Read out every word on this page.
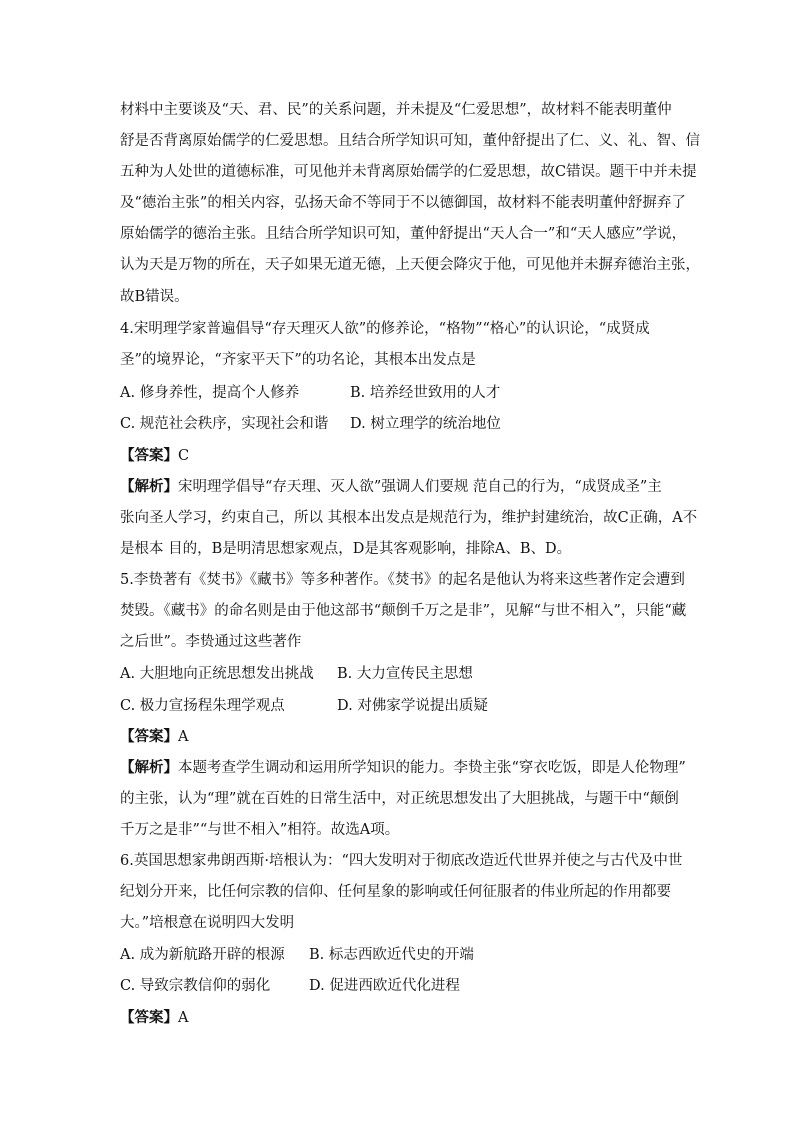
材料中主要谈及“天、君、民”的关系问题，并未提及“仁爱思想”，故材料不能表明董仲
舒是否背离原始儒学的仁爱思想。且结合所学知识可知，董仲舒提出了仁、义、礼、智、信
五种为人处世的道德标准，可见他并未背离原始儒学的仁爱思想，故C错误。题干中并未提
及“德治主张”的相关内容，弘扬天命不等同于不以德御国，故材料不能表明董仲舒摒弃了
原始儒学的德治主张。且结合所学知识可知，董仲舒提出“天人合一”和“天人感应”学说，
认为天是万物的所在，天子如果无道无德，上天便会降灾于他，可见他并未摒弃德治主张，
故B错误。
4.宋明理学家普遍倡导“存天理灭人欲”的修养论，“格物”“格心”的认识论，“成贤成
圣”的境界论，“齐家平天下”的功名论，其根本出发点是
A. 修身养性，提高个人修养	B. 培养经世致用的人才
C. 规范社会秩序，实现社会和谐 D. 树立理学的统治地位
【答案】C
【解析】宋明理学倡导“存天理、灭人欲”强调人们要规 范自己的行为，“成贤成圣”主
张向圣人学习，约束自己，所以 其根本出发点是规范行为，维护封建统治，故C正确，A不
是根本 目的，B是明清思想家观点，D是其客观影响，排除A、B、D。
5.李贽著有《焚书》《藏书》等多种著作。《焚书》的起名是他认为将来这些著作定会遭到
焚毁。《藏书》的命名则是由于他这部书“颠倒千万之是非”，见解“与世不相入”，只能“藏
之后世”。李贽通过这些著作
A. 大胆地向正统思想发出挑战 B. 大力宣传民主思想
C. 极力宣扬程朱理学观点	D. 对佛家学说提出质疑
【答案】A
【解析】本题考查学生调动和运用所学知识的能力。李贽主张“穿衣吃饭，即是人伦物理”
的主张，认为“理”就在百姓的日常生活中，对正统思想发出了大胆挑战，与题干中“颠倒
千万之是非”“与世不相入”相符。故选A项。
6.英国思想家弗朗西斯·培根认为：“四大发明对于彻底改造近代世界并使之与古代及中世
纪划分开来，比任何宗教的信仰、任何星象的影响或任何征服者的伟业所起的作用都要
大。”培根意在说明四大发明
A. 成为新航路开辟的根源 B. 标志西欧近代史的开端
C. 导致宗教信仰的弱化	D. 促进西欧近代化进程
【答案】A
